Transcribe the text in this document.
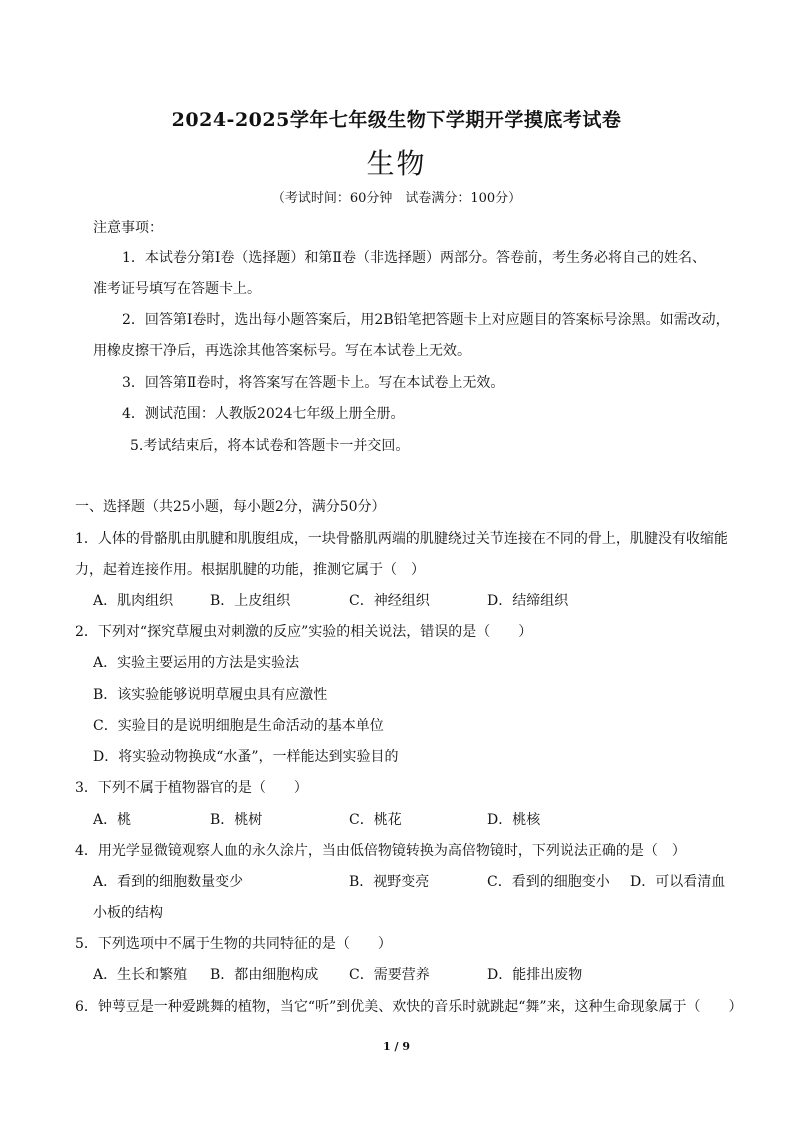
2024-2025学年七年级生物下学期开学摸底考试卷
生物
（考试时间：60分钟　试卷满分：100分）
注意事项：
1．本试卷分第Ⅰ卷（选择题）和第Ⅱ卷（非选择题）两部分。答卷前，考生务必将自己的姓名、
准考证号填写在答题卡上。
2．回答第Ⅰ卷时，选出每小题答案后，用2B铅笔把答题卡上对应题目的答案标号涂黑。如需改动，
用橡皮擦干净后，再选涂其他答案标号。写在本试卷上无效。
3．回答第Ⅱ卷时，将答案写在答题卡上。写在本试卷上无效。
4．测试范围：人教版2024七年级上册全册。
5.考试结束后，将本试卷和答题卡一并交回。
一、选择题（共25小题，每小题2分，满分50分）
1．人体的骨骼肌由肌腱和肌腹组成，一块骨骼肌两端的肌腱绕过关节连接在不同的骨上，肌腱没有收缩能
力，起着连接作用。根据肌腱的功能，推测它属于（　）
A．肌肉组织	B．上皮组织	C．神经组织	D．结缔组织
2．下列对“探究草履虫对刺激的反应”实验的相关说法，错误的是（　　）
A．实验主要运用的方法是实验法
B．该实验能够说明草履虫具有应激性
C．实验目的是说明细胞是生命活动的基本单位
D．将实验动物换成“水蚤”，一样能达到实验目的
3．下列不属于植物器官的是（　　）
A．桃	B．桃树	C．桃花	D．桃核
4．用光学显微镜观察人血的永久涂片，当由低倍物镜转换为高倍物镜时，下列说法正确的是（　）
A．看到的细胞数量变少	B．视野变亮	C．看到的细胞变小 D．可以看清血
小板的结构
5．下列选项中不属于生物的共同特征的是（　　）
A．生长和繁殖 B．都由细胞构成 C．需要营养	D．能排出废物
6．钟萼豆是一种爱跳舞的植物，当它“听”到优美、欢快的音乐时就跳起“舞”来，这种生命现象属于（　　）
1 / 9
